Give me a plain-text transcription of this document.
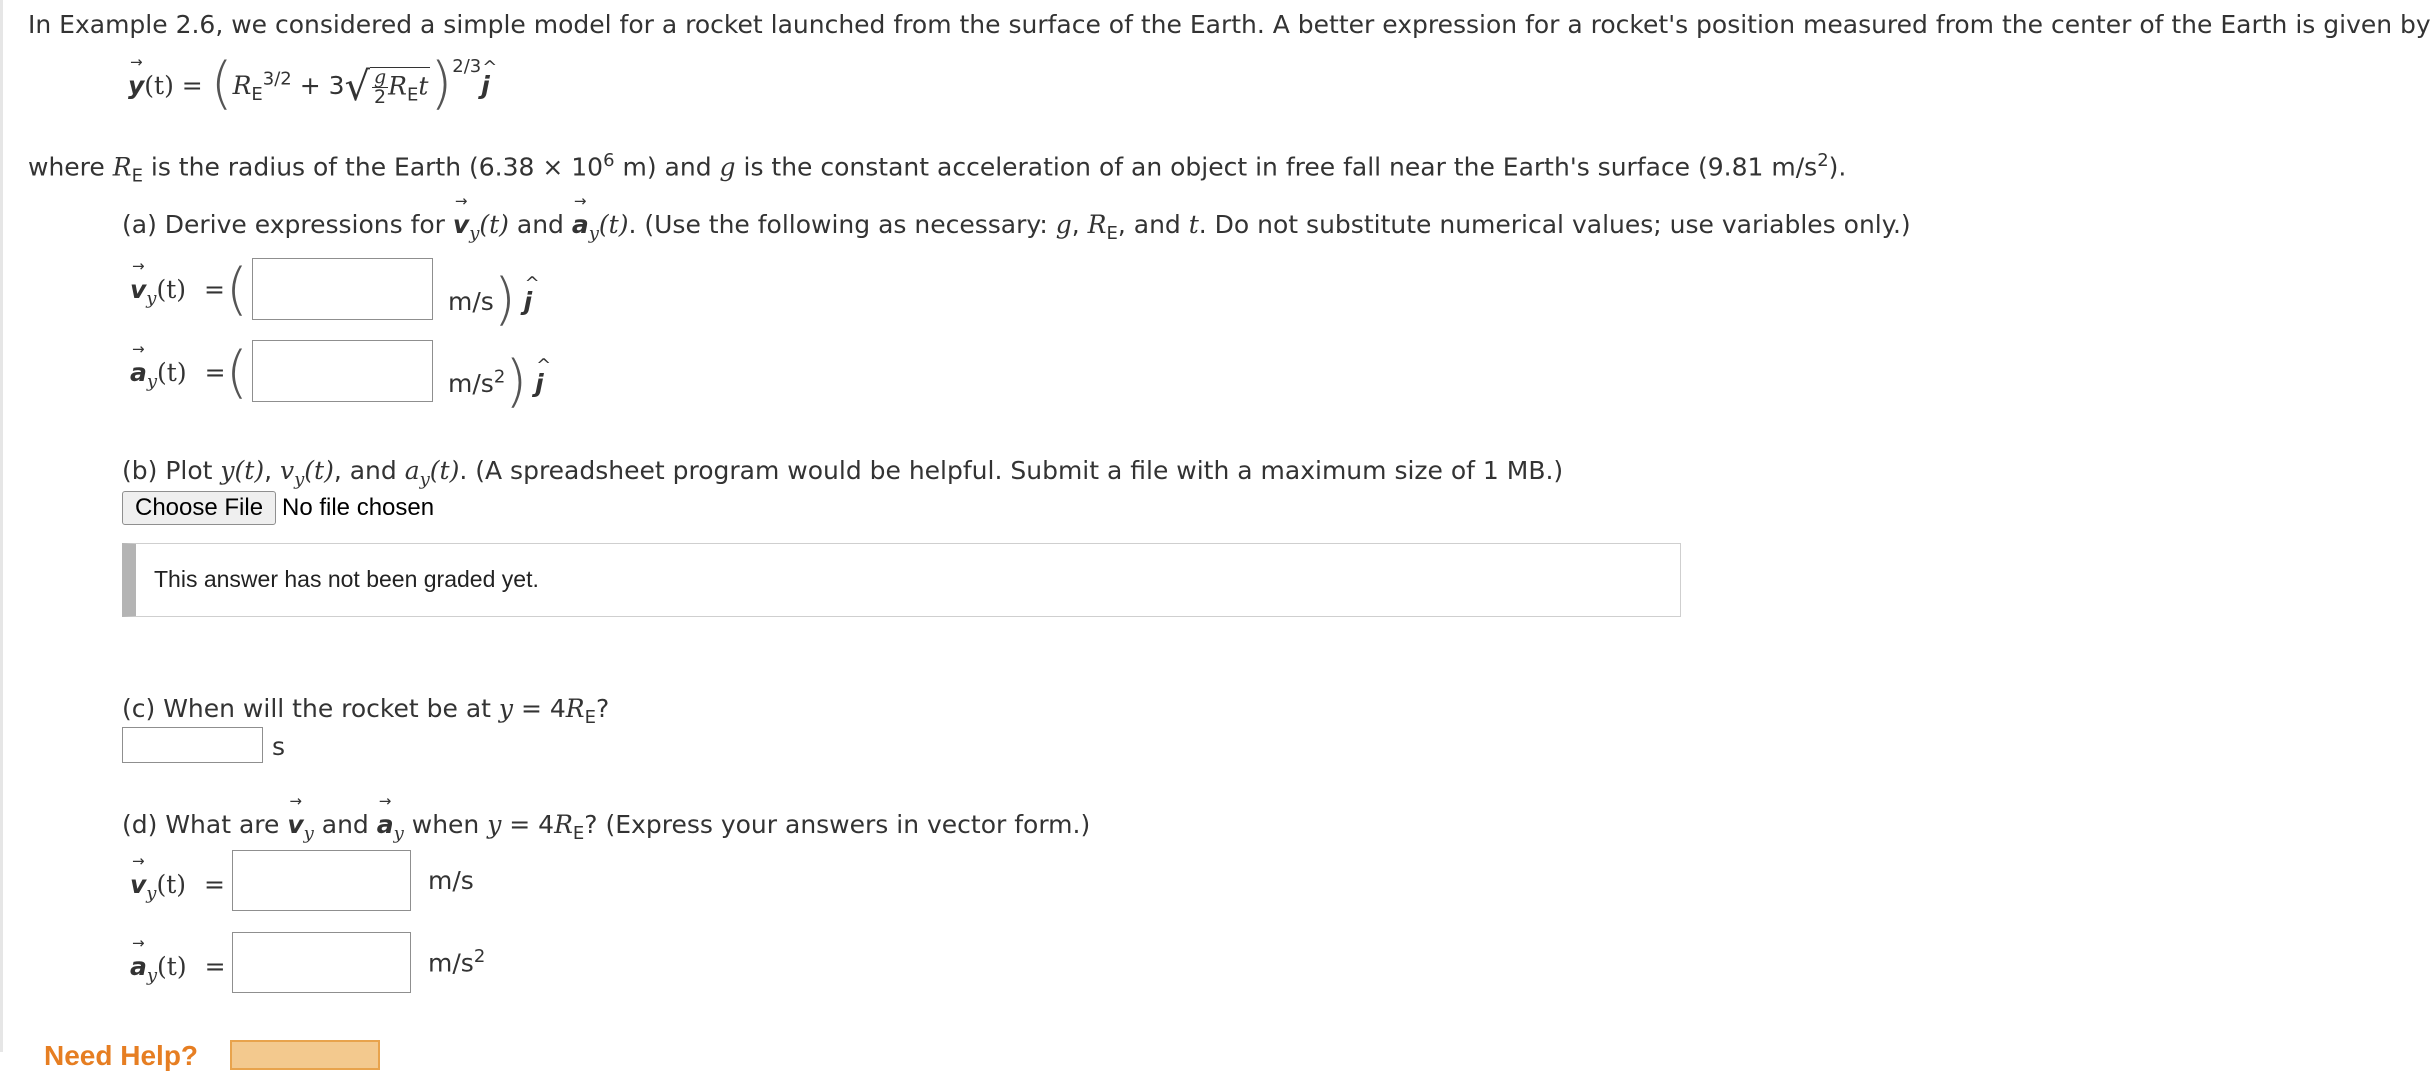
In Example 2.6, we considered a simple model for a rocket launched from the surface of the Earth. A better expression for a rocket's position measured from the center of the Earth is given by
→ $y(t) = (R_E^{3/2} + 3√ \frac{g}{2}$ $R_Et)^{2/3}\^{}$ j
where $R_E$ is the radius of the Earth ($6.38 \times 10^6$ m) and g is the constant acceleration of an object in free fall near the Earth's surface (9.81 $m/s^2$).
(a) Derive expressions for → $v_y(t)$ and → $a_y(t)$. (Use the following as necessary: g, $R_E$, and t. Do not substitute numerical values; use variables only.)
→ $v_y(t)$ = (	m/s) ^ j
→ $a_y(t)$ = (	$m/s^2$) ^ j
(b) Plot y(t), $v_y(t)$, and $a_y(t)$. (A spreadsheet program would be helpful. Submit a file with a maximum size of 1 MB.)
Choose File No file chosen
This answer has not been graded yet.
(c) When will the rocket be at $y = 4R_E$?
s
(d) What are → $v_y$ and → $a_y$ when $y = 4R_E$? (Express your answers in vector form.)
→ $v_y(t)$ =	m/s
→ $a_y(t)$ =	$m/s^2$
Need Help?
